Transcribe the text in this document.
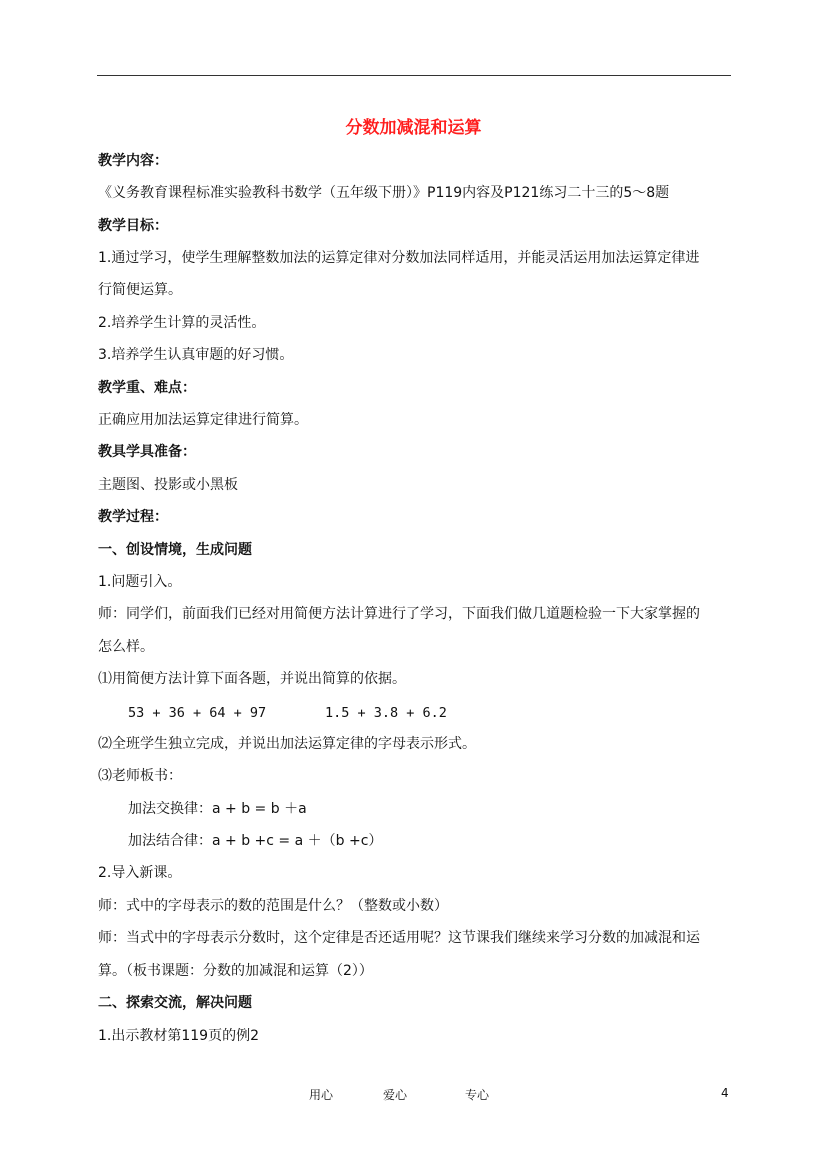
分数加减混和运算
教学内容：
《义务教育课程标准实验教科书数学（五年级下册）》P119内容及P121练习二十三的5～8题
教学目标：
1.通过学习，使学生理解整数加法的运算定律对分数加法同样适用，并能灵活运用加法运算定律进
行简便运算。
2.培养学生计算的灵活性。
3.培养学生认真审题的好习惯。
教学重、难点：
正确应用加法运算定律进行简算。
教具学具准备：
主题图、投影或小黑板
教学过程：
一、创设情境，生成问题
1.问题引入。
师：同学们，前面我们已经对用简便方法计算进行了学习，下面我们做几道题检验一下大家掌握的
怎么样。
⑴用简便方法计算下面各题，并说出简算的依据。
53 + 36 + 64 + 97	1.5 + 3.8 + 6.2
⑵全班学生独立完成，并说出加法运算定律的字母表示形式。
⑶老师板书：
加法交换律：a + b = b ＋a
加法结合律：a + b +c = a ＋（b +c）
2.导入新课。
师：式中的字母表示的数的范围是什么？（整数或小数）
师：当式中的字母表示分数时，这个定律是否还适用呢？这节课我们继续来学习分数的加减混和运
算。（板书课题：分数的加减混和运算（2））
二、探索交流，解决问题
1.出示教材第119页的例2
用心	爱心	专心	4
